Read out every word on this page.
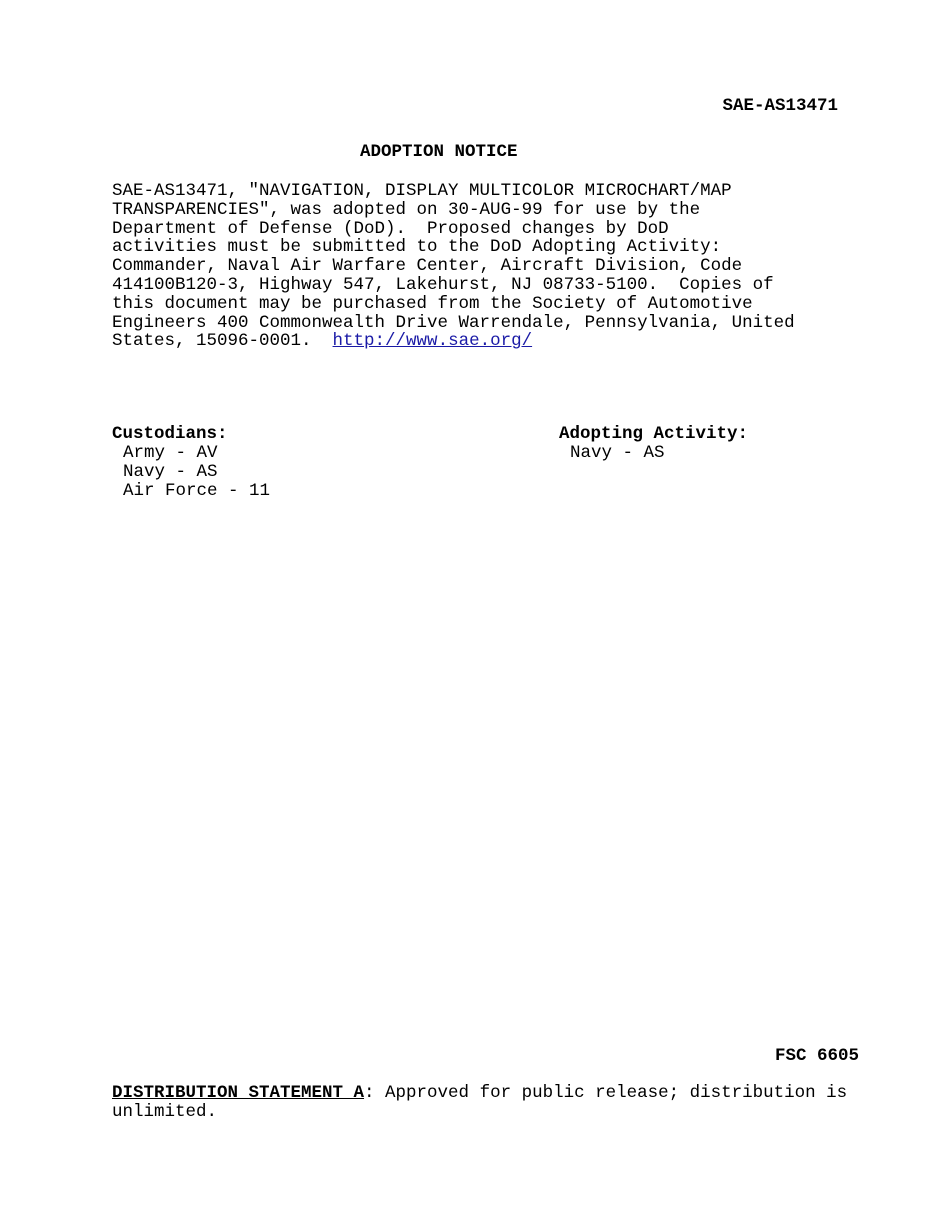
SAE-AS13471
ADOPTION NOTICE
SAE-AS13471, "NAVIGATION, DISPLAY MULTICOLOR MICROCHART/MAP
TRANSPARENCIES", was adopted on 30-AUG-99 for use by the
Department of Defense (DoD).  Proposed changes by DoD
activities must be submitted to the DoD Adopting Activity:
Commander, Naval Air Warfare Center, Aircraft Division, Code
414100B120-3, Highway 547, Lakehurst, NJ 08733-5100.  Copies of
this document may be purchased from the Society of Automotive
Engineers 400 Commonwealth Drive Warrendale, Pennsylvania, United
States, 15096-0001.  http://www.sae.org/
Custodians:
Army - AV
Navy - AS
Air Force - 11
Adopting Activity:
Navy - AS
FSC 6605
DISTRIBUTION STATEMENT A: Approved for public release; distribution is unlimited.
